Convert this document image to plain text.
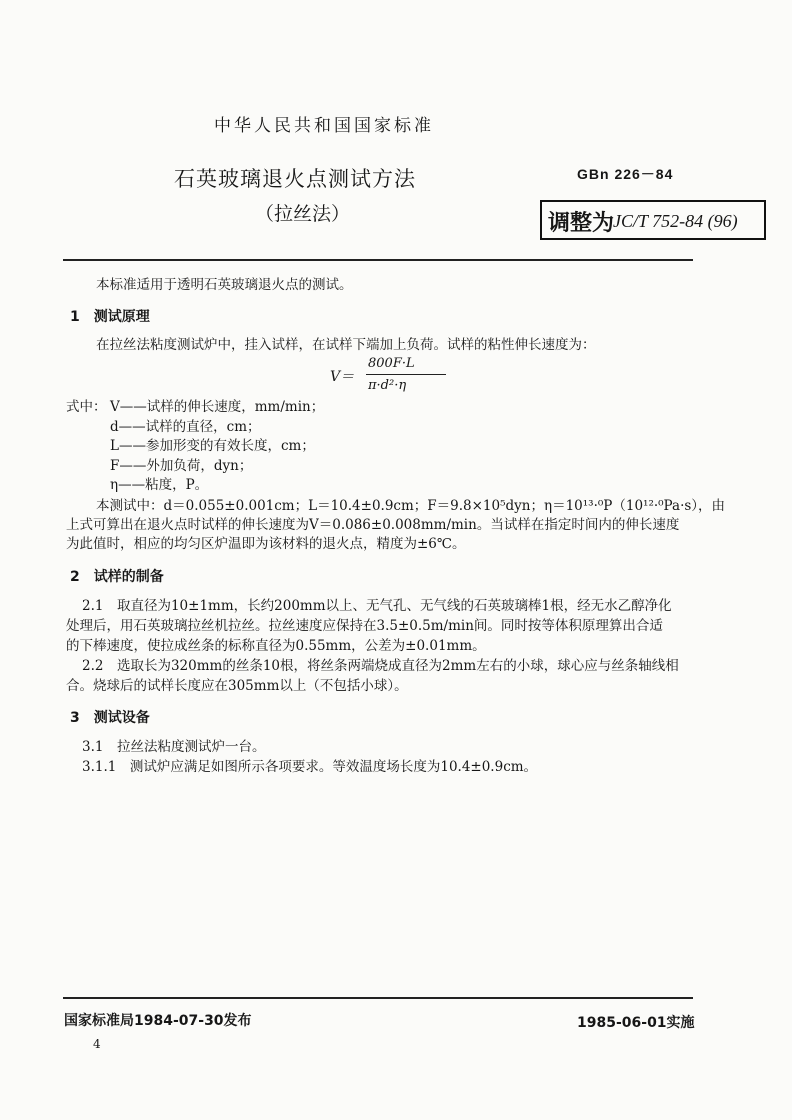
中华人民共和国国家标准
石英玻璃退火点测试方法
（拉丝法）
GBn 226－84
调整为
JC/T 752-84 (96)
本标准适用于透明石英玻璃退火点的测试。
1　测试原理
在拉丝法粘度测试炉中，挂入试样，在试样下端加上负荷。试样的粘性伸长速度为：
V＝
800F·L
π·d²·η
式中： V——试样的伸长速度，mm/min；
d——试样的直径，cm；
L——参加形变的有效长度，cm；
F——外加负荷，dyn；
η——粘度，P。
本测试中：d＝0.055±0.001cm；L＝10.4±0.9cm；F＝9.8×10⁵dyn；η＝10¹³·⁰P（10¹²·⁰Pa·s），由
上式可算出在退火点时试样的伸长速度为V＝0.086±0.008mm/min。当试样在指定时间内的伸长速度
为此值时，相应的均匀区炉温即为该材料的退火点，精度为±6℃。
2　试样的制备
2.1　取直径为10±1mm，长约200mm以上、无气孔、无气线的石英玻璃棒1根，经无水乙醇净化
处理后，用石英玻璃拉丝机拉丝。拉丝速度应保持在3.5±0.5m/min间。同时按等体积原理算出合适
的下棒速度，使拉成丝条的标称直径为0.55mm，公差为±0.01mm。
2.2　选取长为320mm的丝条10根，将丝条两端烧成直径为2mm左右的小球，球心应与丝条轴线相
合。烧球后的试样长度应在305mm以上（不包括小球）。
3　测试设备
3.1　拉丝法粘度测试炉一台。
3.1.1　测试炉应满足如图所示各项要求。等效温度场长度为10.4±0.9cm。
国家标准局1984-07-30发布	1985-06-01实施
4
